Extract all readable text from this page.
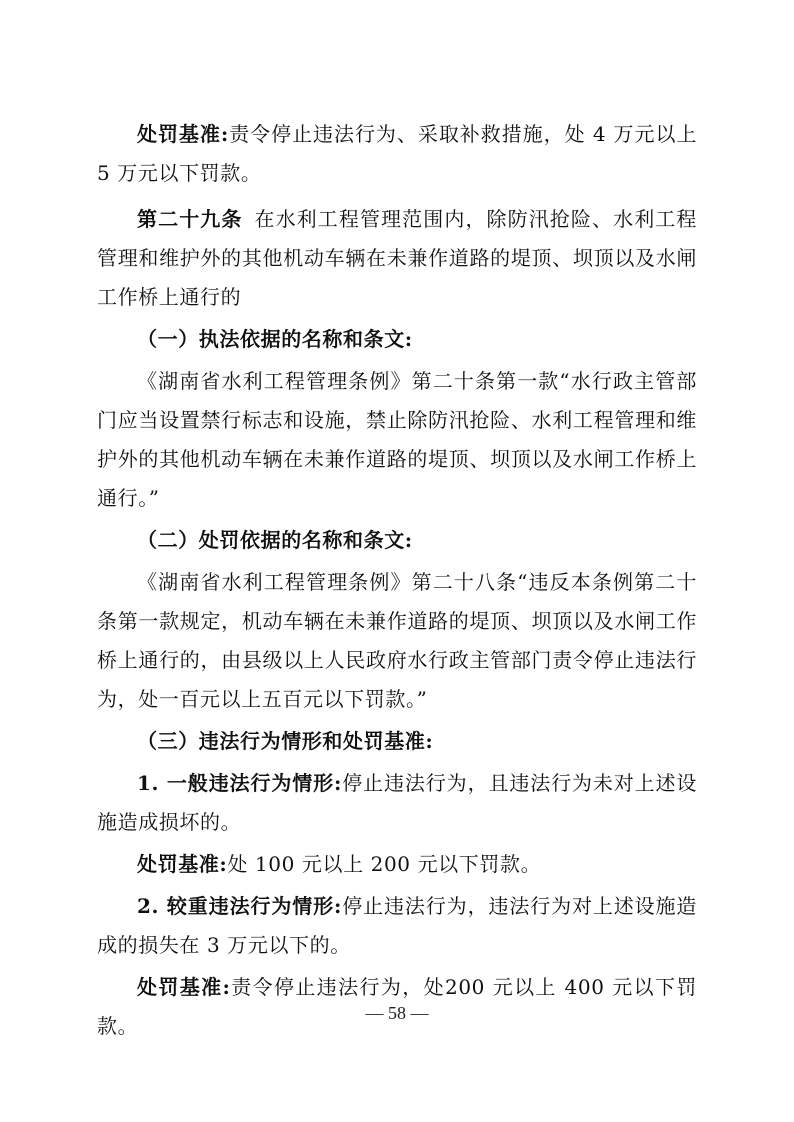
处罚基准:责令停止违法行为、采取补救措施，处 4 万元以上 5 万元以下罚款。

第二十九条 在水利工程管理范围内，除防汛抢险、水利工程管理和维护外的其他机动车辆在未兼作道路的堤顶、坝顶以及水闸工作桥上通行的

（一）执法依据的名称和条文:

《湖南省水利工程管理条例》第二十条第一款“水行政主管部门应当设置禁行标志和设施，禁止除防汛抢险、水利工程管理和维护外的其他机动车辆在未兼作道路的堤顶、坝顶以及水闸工作桥上通行。”

（二）处罚依据的名称和条文:

《湖南省水利工程管理条例》第二十八条“违反本条例第二十条第一款规定，机动车辆在未兼作道路的堤顶、坝顶以及水闸工作桥上通行的，由县级以上人民政府水行政主管部门责令停止违法行为，处一百元以上五百元以下罚款。”

（三）违法行为情形和处罚基准:

1. 一般违法行为情形:停止违法行为，且违法行为未对上述设施造成损坏的。

处罚基准:处 100 元以上 200 元以下罚款。

2. 较重违法行为情形:停止违法行为，违法行为对上述设施造成的损失在 3 万元以下的。

处罚基准:责令停止违法行为，处200 元以上 400 元以下罚款。

— 58 —
